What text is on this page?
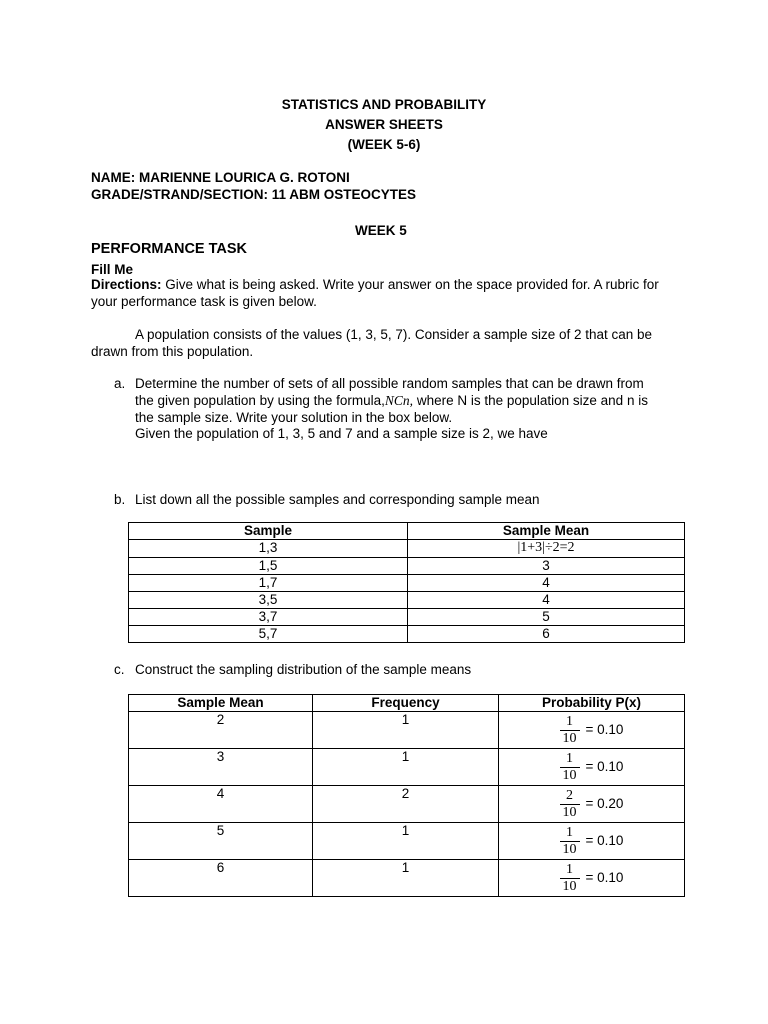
STATISTICS AND PROBABILITY
ANSWER SHEETS
(WEEK 5-6)
NAME: MARIENNE LOURICA G. ROTONI
GRADE/STRAND/SECTION: 11 ABM OSTEOCYTES
WEEK 5
PERFORMANCE TASK
Fill Me
Directions: Give what is being asked. Write your answer on the space provided for. A rubric for
your performance task is given below.
A population consists of the values (1, 3, 5, 7). Consider a sample size of 2 that can be
drawn from this population.
a. Determine the number of sets of all possible random samples that can be drawn from
the given population by using the formula,NCn, where N is the population size and n is
the sample size. Write your solution in the box below.
Given the population of 1, 3, 5 and 7 and a sample size is 2, we have
b. List down all the possible samples and corresponding sample mean
Sample	Sample Mean
1,3	|1+3|÷2=2
1,5	3
1,7	4
3,5	4
3,7	5
5,7	6
c. Construct the sampling distribution of the sample means
Sample Mean	Frequency	Probability P(x)
2	1	$\frac{1}{10} = 0.10$
3	1	$\frac{1}{10} = 0.10$
4	2	$\frac{2}{10} = 0.20$
5	1	$\frac{1}{10} = 0.10$
6	1	$\frac{1}{10} = 0.10$
